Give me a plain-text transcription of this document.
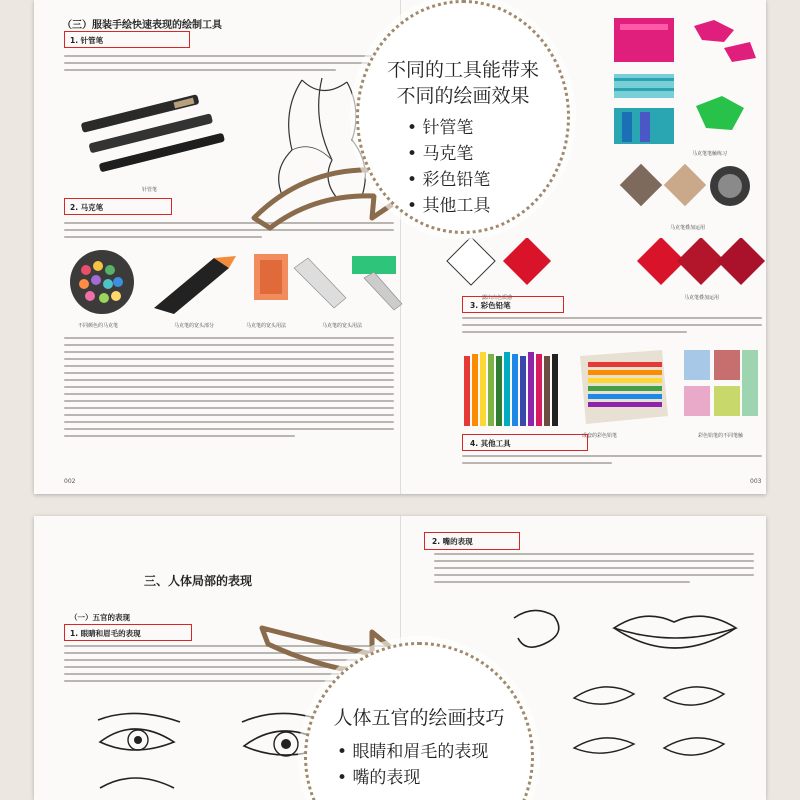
（三）服装手绘快速表现的绘制工具
1. 针管笔
针管笔
2. 马克笔
不同颜色的马克笔	马克笔的宽头部分	马克笔的宽头用法	马克笔的宽头用法
002
马克笔笔触练习
马克笔叠加运用
露出白色质感	马克笔叠加运用
3. 彩色铅笔
成套的彩色铅笔	彩色铅笔的不同笔触
4. 其他工具
003
不同的工具能带来
不同的绘画效果
• 针管笔
• 马克笔
• 彩色铅笔
• 其他工具
三、人体局部的表现
（一）五官的表现
1. 眼睛和眉毛的表现
2. 嘴的表现
人体五官的绘画技巧
• 眼睛和眉毛的表现
• 嘴的表现
